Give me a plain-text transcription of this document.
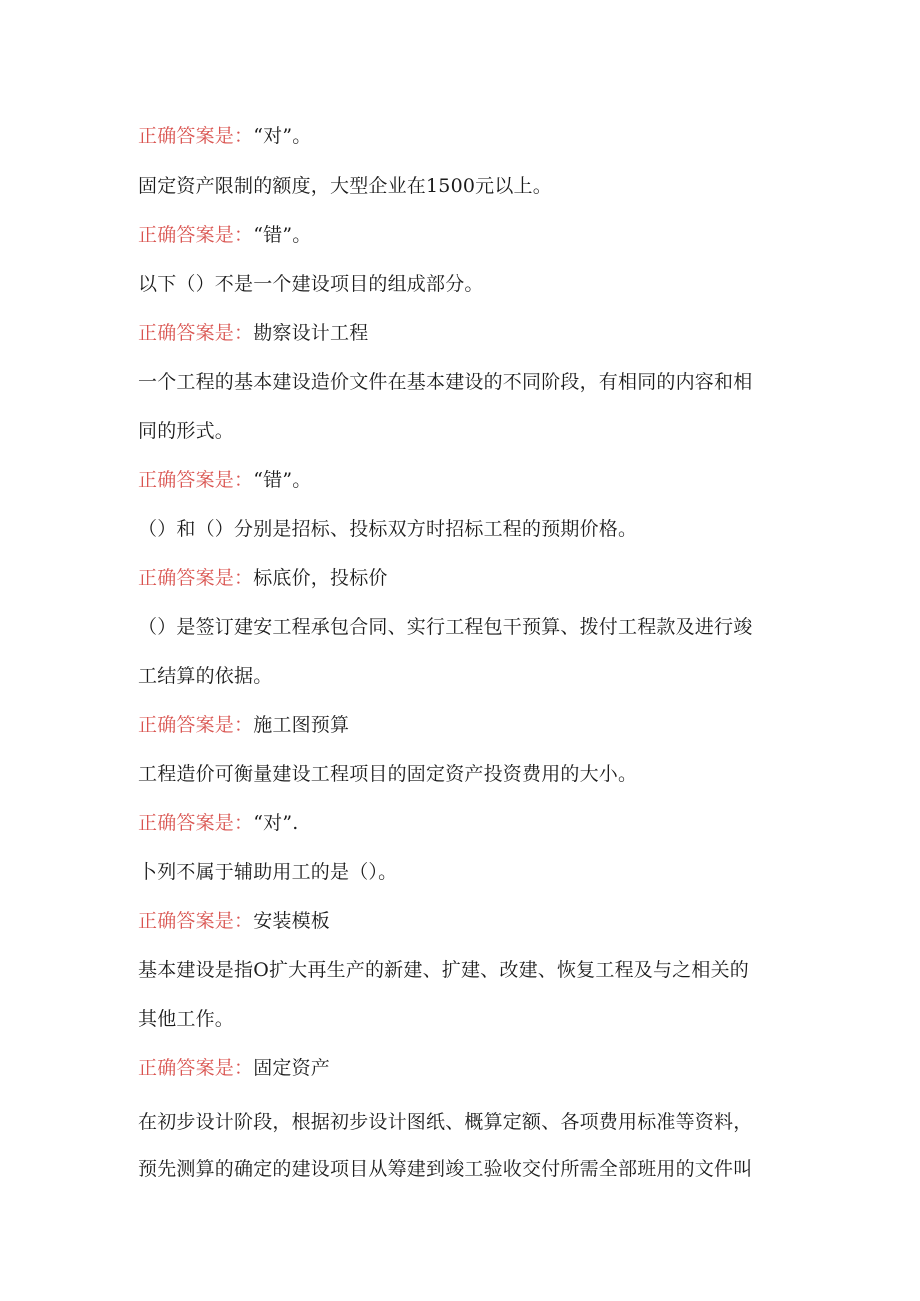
正确答案是：“对”。
固定资产限制的额度，大型企业在1500元以上。
正确答案是：“错”。
以下（）不是一个建设项目的组成部分。
正确答案是：勘察设计工程
一个工程的基本建设造价文件在基本建设的不同阶段，有相同的内容和相
同的形式。
正确答案是：“错”。
（）和（）分别是招标、投标双方时招标工程的预期价格。
正确答案是：标底价，投标价
（）是签订建安工程承包合同、实行工程包干预算、拨付工程款及进行竣
工结算的依据。
正确答案是：施工图预算
工程造价可衡量建设工程项目的固定资产投资费用的大小。
正确答案是：“对”.
卜列不属于辅助用工的是（）。
正确答案是：安装模板
基本建设是指O扩大再生产的新建、扩建、改建、恢复工程及与之相关的
其他工作。
正确答案是：固定资产
在初步设计阶段，根据初步设计图纸、概算定额、各项费用标准等资料，
预先测算的确定的建设项目从筹建到竣工验收交付所需全部班用的文件叫
